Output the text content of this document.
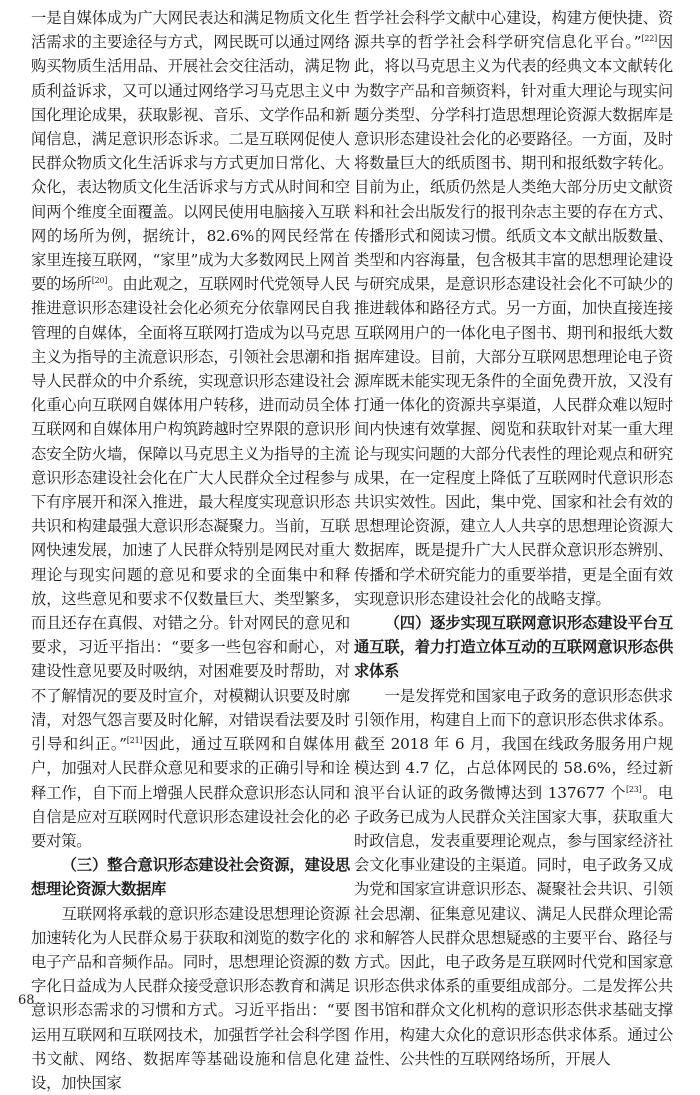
一是自媒体成为广大网民表达和满足物质文化生活需求的主要途径与方式，网民既可以通过网络购买物质生活用品、开展社会交往活动，满足物质利益诉求，又可以通过网络学习马克思主义中国化理论成果，获取影视、音乐、文学作品和新闻信息，满足意识形态诉求。二是互联网促使人民群众物质文化生活诉求与方式更加日常化、大众化，表达物质文化生活诉求与方式从时间和空间两个维度全面覆盖。以网民使用电脑接入互联网的场所为例，据统计，82.6%的网民经常在家里连接互联网，“家里”成为大多数网民上网首要的场所[20]。由此观之，互联网时代党领导人民推进意识形态建设社会化必须充分依靠网民自我管理的自媒体，全面将互联网打造成为以马克思主义为指导的主流意识形态，引领社会思潮和指导人民群众的中介系统，实现意识形态建设社会化重心向互联网自媒体用户转移，进而动员全体互联网和自媒体用户构筑跨越时空界限的意识形态安全防火墙，保障以马克思主义为指导的主流意识形态建设社会化在广大人民群众全过程参与下有序展开和深入推进，最大程度实现意识形态共识和构建最强大意识形态凝聚力。当前，互联网快速发展，加速了人民群众特别是网民对重大理论与现实问题的意见和要求的全面集中和释放，这些意见和要求不仅数量巨大、类型繁多，而且还存在真假、对错之分。针对网民的意见和要求，习近平指出：“要多一些包容和耐心，对建设性意见要及时吸纳，对困难要及时帮助，对不了解情况的要及时宣介，对模糊认识要及时廓清，对怨气怨言要及时化解，对错误看法要及时引导和纠正。”[21]因此，通过互联网和自媒体用户，加强对人民群众意见和要求的正确引导和诠释工作，自下而上增强人民群众意识形态认同和自信是应对互联网时代意识形态建设社会化的必要对策。

（三）整合意识形态建设社会资源，建设思想理论资源大数据库

互联网将承载的意识形态建设思想理论资源加速转化为人民群众易于获取和浏览的数字化的电子产品和音频作品。同时，思想理论资源的数字化日益成为人民群众接受意识形态教育和满足意识形态需求的习惯和方式。习近平指出：“要运用互联网和互联网技术，加强哲学社会科学图书文献、网络、数据库等基础设施和信息化建设，加快国家

哲学社会科学文献中心建设，构建方便快捷、资源共享的哲学社会科学研究信息化平台。”[22]因此，将以马克思主义为代表的经典文本文献转化为数字产品和音频资料，针对重大理论与现实问题分类型、分学科打造思想理论资源大数据库是意识形态建设社会化的必要路径。一方面，及时将数量巨大的纸质图书、期刊和报纸数字转化。目前为止，纸质仍然是人类绝大部分历史文献资料和社会出版发行的报刊杂志主要的存在方式、传播形式和阅读习惯。纸质文本文献出版数量、类型和内容海量，包含极其丰富的思想理论建设与研究成果，是意识形态建设社会化不可缺少的推进载体和路径方式。另一方面，加快直接连接互联网用户的一体化电子图书、期刊和报纸大数据库建设。目前，大部分互联网思想理论电子资源库既未能实现无条件的全面免费开放，又没有打通一体化的资源共享渠道，人民群众难以短时间内快速有效掌握、阅览和获取针对某一重大理论与现实问题的大部分代表性的理论观点和研究成果，在一定程度上降低了互联网时代意识形态共识实效性。因此，集中党、国家和社会有效的思想理论资源，建立人人共享的思想理论资源大数据库，既是提升广大人民群众意识形态辨别、传播和学术研究能力的重要举措，更是全面有效实现意识形态建设社会化的战略支撑。

（四）逐步实现互联网意识形态建设平台互通互联，着力打造立体互动的互联网意识形态供求体系

一是发挥党和国家电子政务的意识形态供求引领作用，构建自上而下的意识形态供求体系。截至 2018 年 6 月，我国在线政务服务用户规模达到 4.7 亿，占总体网民的 58.6%，经过新浪平台认证的政务微博达到 137677 个[23]。电子政务已成为人民群众关注国家大事，获取重大时政信息，发表重要理论观点，参与国家经济社会文化事业建设的主渠道。同时，电子政务又成为党和国家宣讲意识形态、凝聚社会共识、引领社会思潮、征集意见建议、满足人民群众理论需求和解答人民群众思想疑惑的主要平台、路径与方式。因此，电子政务是互联网时代党和国家意识形态供求体系的重要组成部分。二是发挥公共图书馆和群众文化机构的意识形态供求基础支撑作用，构建大众化的意识形态供求体系。通过公益性、公共性的互联网络场所，开展人

68
